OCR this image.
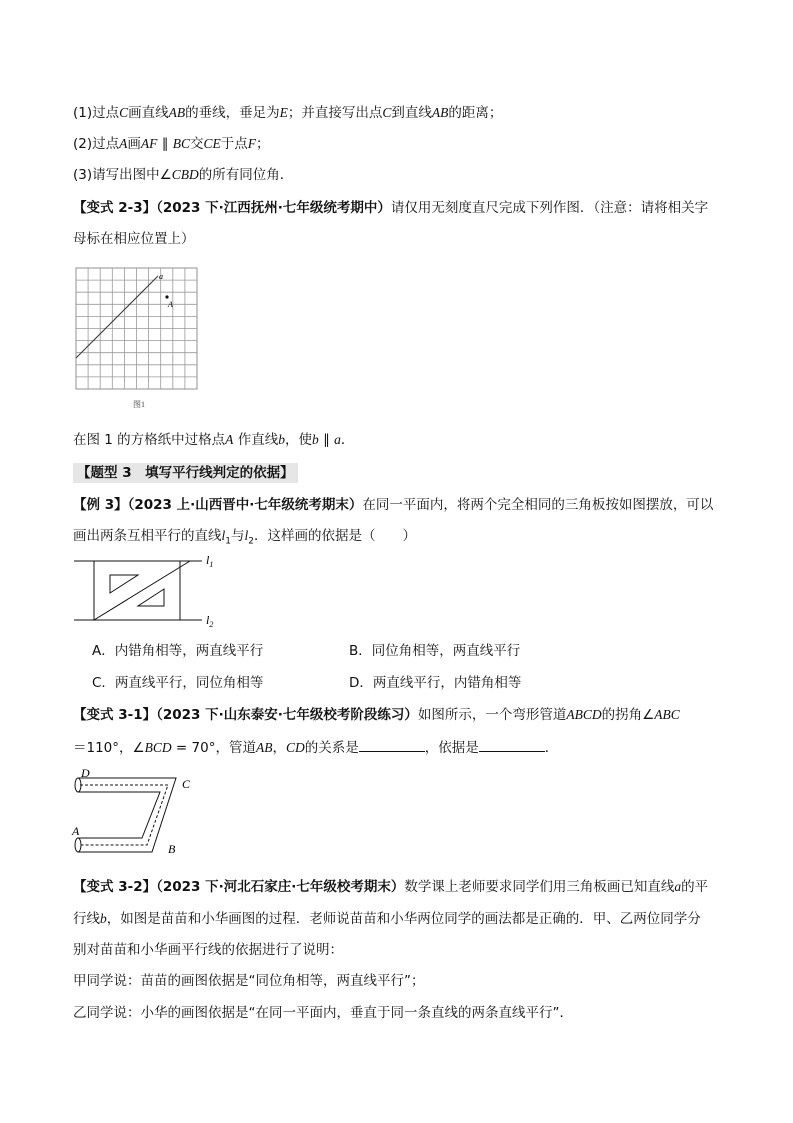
(1)过点C画直线AB的垂线，垂足为E；并直接写出点C到直线AB的距离；
(2)过点A画AF ∥ BC交CE于点F；
(3)请写出图中∠CBD的所有同位角．
【变式 2-3】（2023 下·江西抚州·七年级统考期中）请仅用无刻度直尺完成下列作图．（注意：请将相关字
母标在相应位置上）
a
A
图1
在图 1 的方格纸中过格点A 作直线b，使b ∥ a．
【题型 3　填写平行线判定的依据】
【例 3】（2023 上·山西晋中·七年级统考期末）在同一平面内，将两个完全相同的三角板按如图摆放，可以
画出两条互相平行的直线$l_1$与$l_2$．这样画的依据是（　　）
$l_1$
$l_2$
A．内错角相等，两直线平行	B．同位角相等，两直线平行
C．两直线平行，同位角相等	D．两直线平行，内错角相等
【变式 3-1】（2023 下·山东泰安·七年级校考阶段练习）如图所示，一个弯形管道ABCD的拐角∠ABC
＝110°，∠BCD = 70°，管道AB，CD的关系是	，依据是	．
D
C
A
B
【变式 3-2】（2023 下·河北石家庄·七年级校考期末）数学课上老师要求同学们用三角板画已知直线a的平
行线b，如图是苗苗和小华画图的过程．老师说苗苗和小华两位同学的画法都是正确的．甲、乙两位同学分
别对苗苗和小华画平行线的依据进行了说明：
甲同学说：苗苗的画图依据是“同位角相等，两直线平行”；
乙同学说：小华的画图依据是“在同一平面内，垂直于同一条直线的两条直线平行”．
